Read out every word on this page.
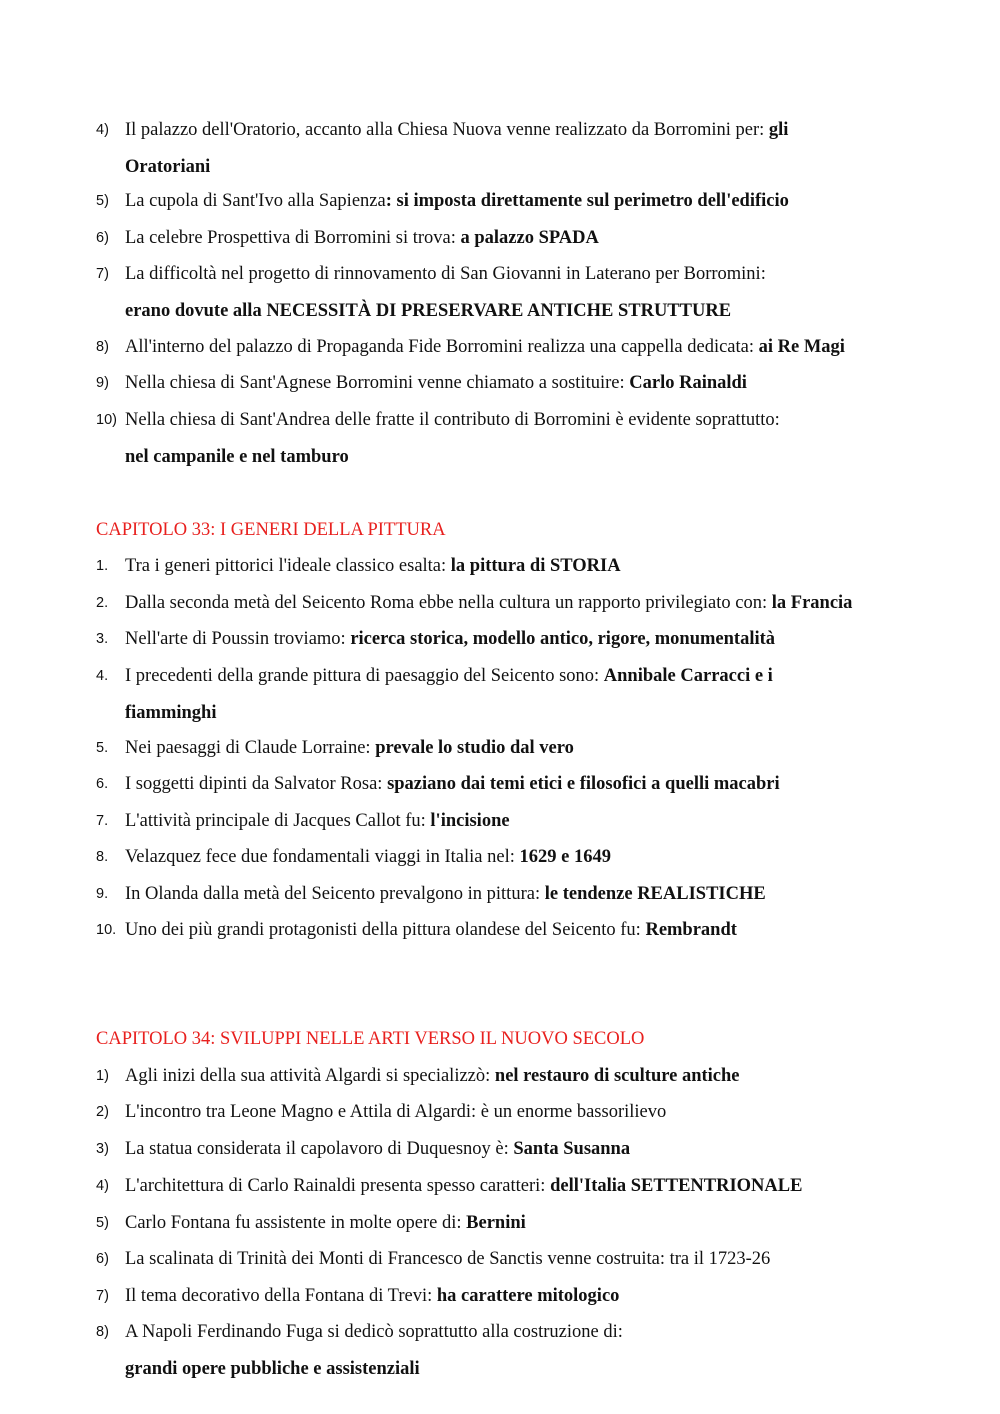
4) Il palazzo dell'Oratorio, accanto alla Chiesa Nuova venne realizzato da Borromini per: gli
Oratoriani
5) La cupola di Sant'Ivo alla Sapienza: si imposta direttamente sul perimetro dell'edificio
6) La celebre Prospettiva di Borromini si trova: a palazzo SPADA
7) La difficoltà nel progetto di rinnovamento di San Giovanni in Laterano per Borromini:
erano dovute alla NECESSITÀ DI PRESERVARE ANTICHE STRUTTURE
8) All'interno del palazzo di Propaganda Fide Borromini realizza una cappella dedicata: ai Re Magi
9) Nella chiesa di Sant'Agnese Borromini venne chiamato a sostituire: Carlo Rainaldi
10) Nella chiesa di Sant'Andrea delle fratte il contributo di Borromini è evidente soprattutto:
nel campanile e nel tamburo
CAPITOLO 33: I GENERI DELLA PITTURA
1. Tra i generi pittorici l'ideale classico esalta: la pittura di STORIA
2. Dalla seconda metà del Seicento Roma ebbe nella cultura un rapporto privilegiato con: la Francia
3. Nell'arte di Poussin troviamo: ricerca storica, modello antico, rigore, monumentalità
4. I precedenti della grande pittura di paesaggio del Seicento sono: Annibale Carracci e i
fiamminghi
5. Nei paesaggi di Claude Lorraine: prevale lo studio dal vero
6. I soggetti dipinti da Salvator Rosa: spaziano dai temi etici e filosofici a quelli macabri
7. L'attività principale di Jacques Callot fu: l'incisione
8. Velazquez fece due fondamentali viaggi in Italia nel: 1629 e 1649
9. In Olanda dalla metà del Seicento prevalgono in pittura: le tendenze REALISTICHE
10. Uno dei più grandi protagonisti della pittura olandese del Seicento fu: Rembrandt
CAPITOLO 34: SVILUPPI NELLE ARTI VERSO IL NUOVO SECOLO
1) Agli inizi della sua attività Algardi si specializzò: nel restauro di sculture antiche
2) L'incontro tra Leone Magno e Attila di Algardi: è un enorme bassorilievo
3) La statua considerata il capolavoro di Duquesnoy è: Santa Susanna
4) L'architettura di Carlo Rainaldi presenta spesso caratteri: dell'Italia SETTENTRIONALE
5) Carlo Fontana fu assistente in molte opere di: Bernini
6) La scalinata di Trinità dei Monti di Francesco de Sanctis venne costruita: tra il 1723-26
7) Il tema decorativo della Fontana di Trevi: ha carattere mitologico
8) A Napoli Ferdinando Fuga si dedicò soprattutto alla costruzione di:
grandi opere pubbliche e assistenziali
